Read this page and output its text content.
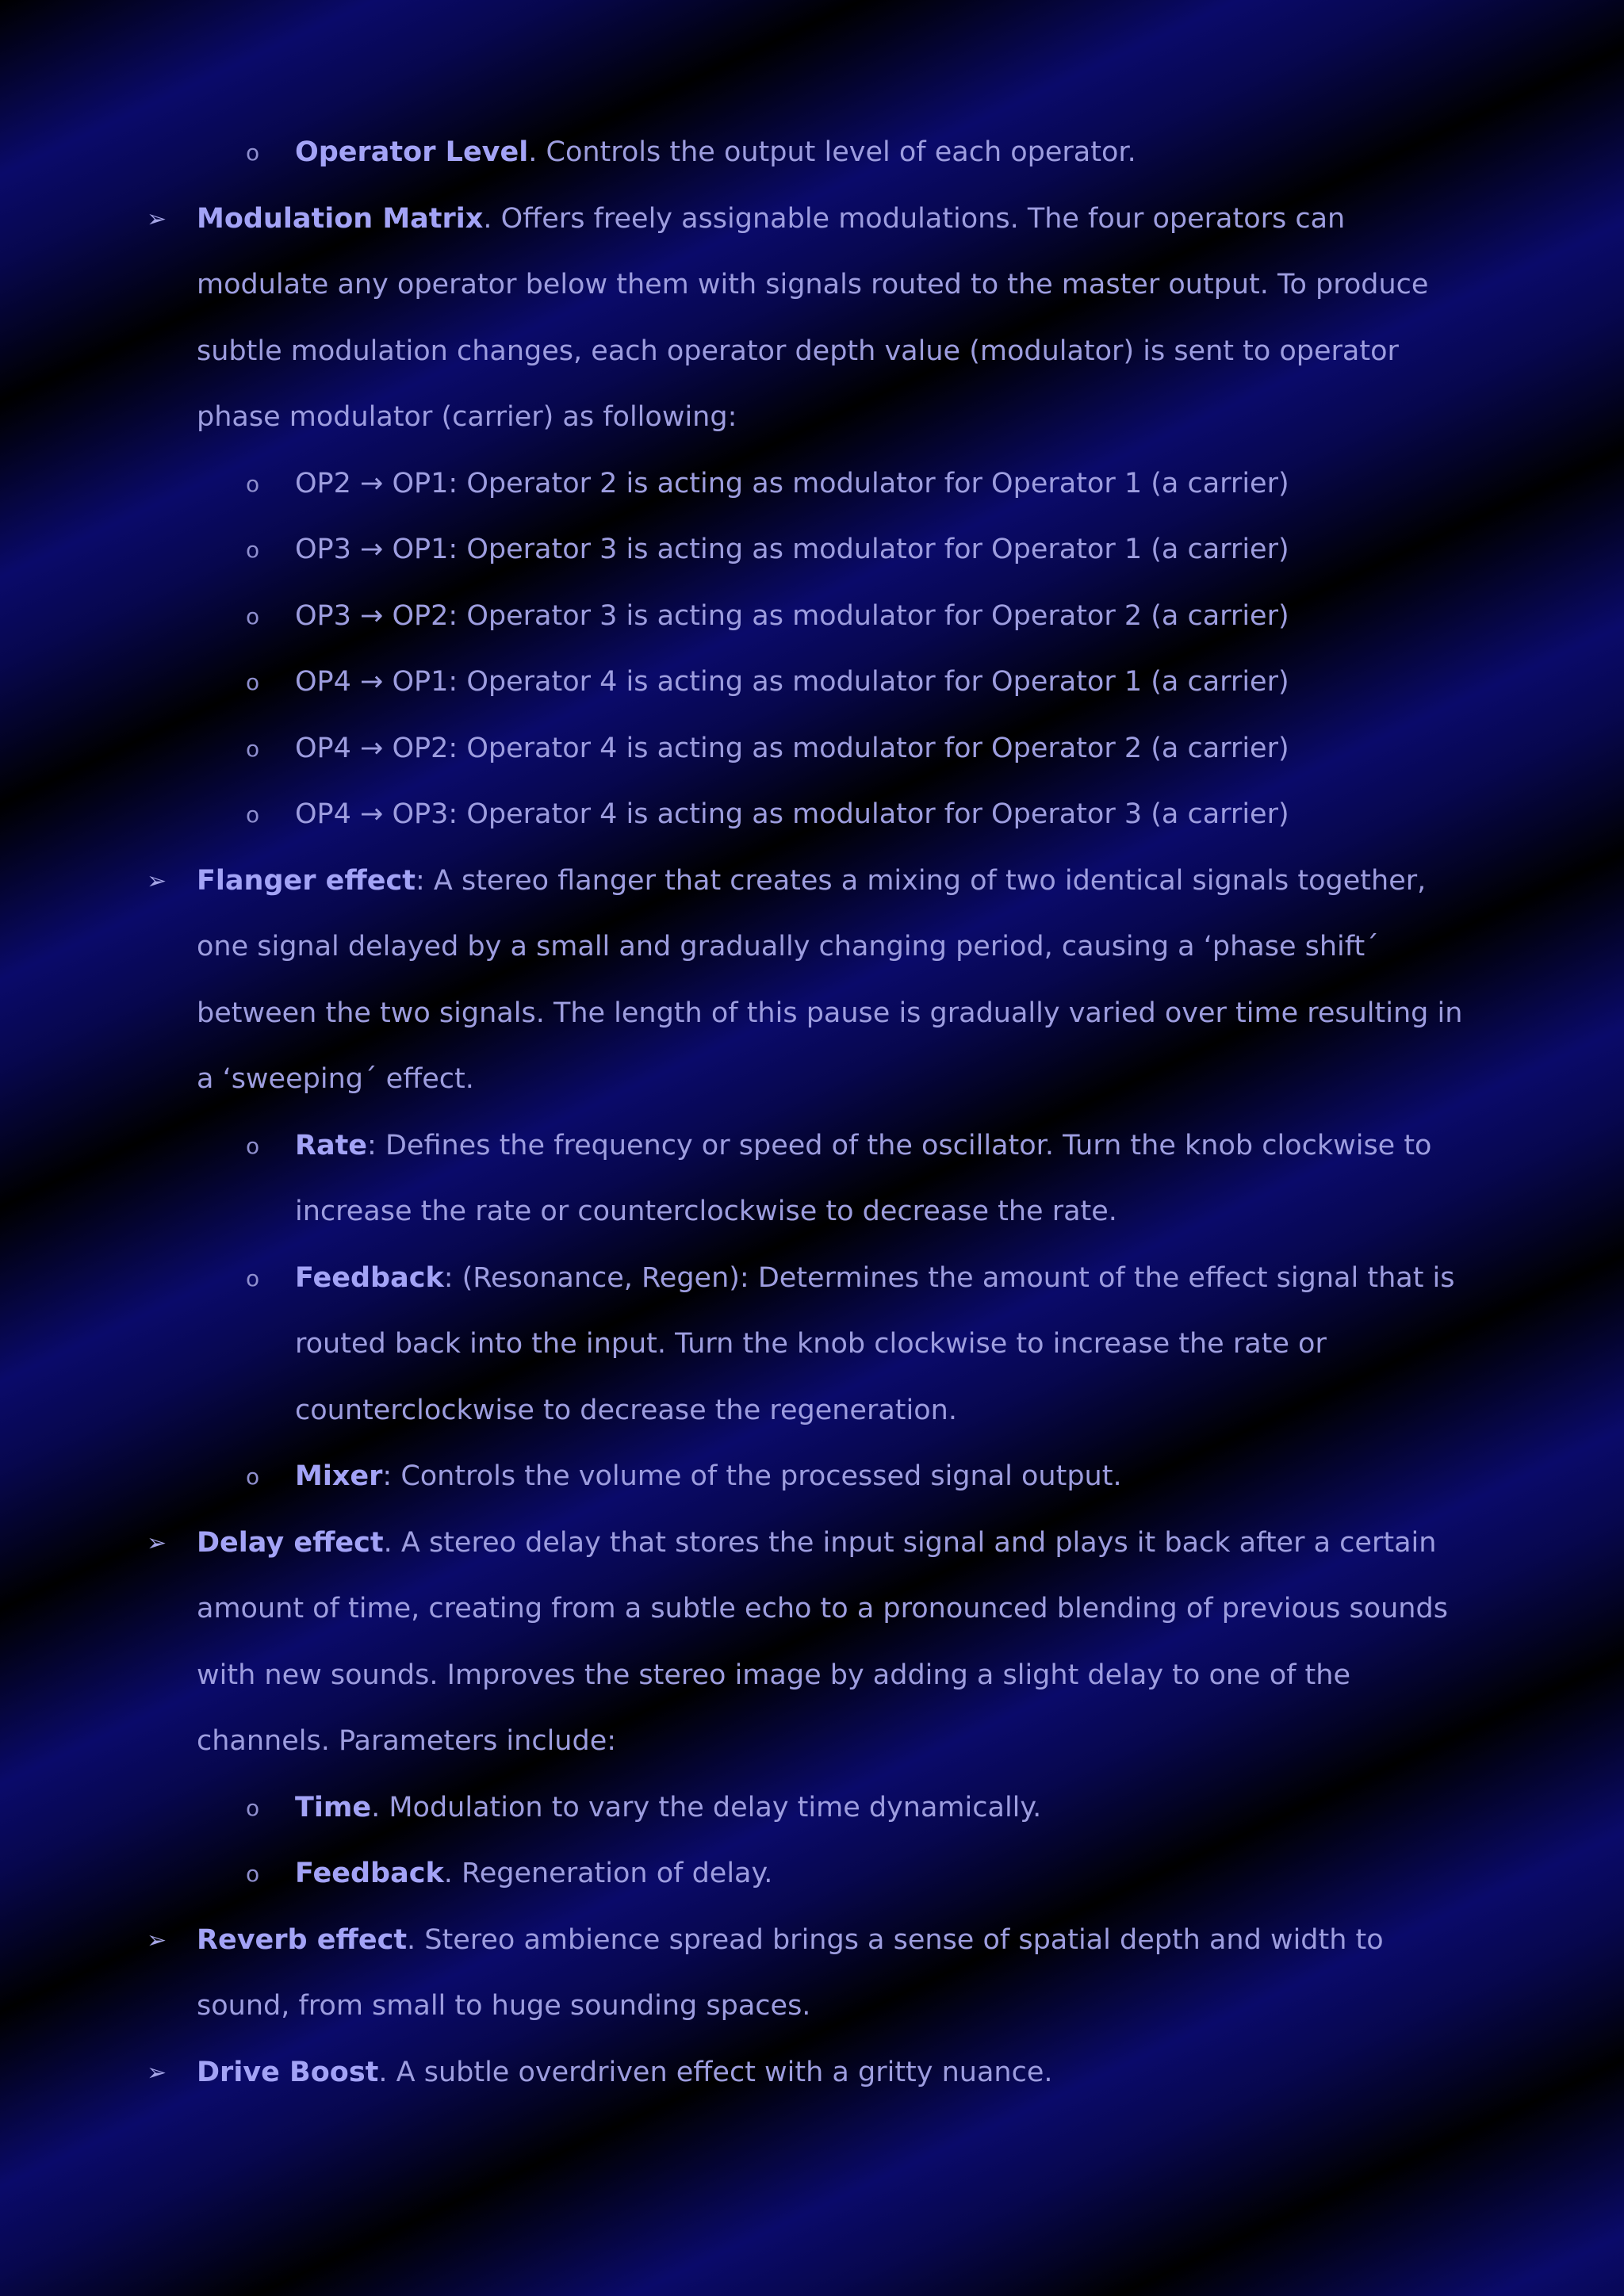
o Operator Level. Controls the output level of each operator.
➢ Modulation Matrix. Offers freely assignable modulations. The four operators can modulate any operator below them with signals routed to the master output. To produce subtle modulation changes, each operator depth value (modulator) is sent to operator phase modulator (carrier) as following:
o OP2 → OP1: Operator 2 is acting as modulator for Operator 1 (a carrier)
o OP3 → OP1: Operator 3 is acting as modulator for Operator 1 (a carrier)
o OP3 → OP2: Operator 3 is acting as modulator for Operator 2 (a carrier)
o OP4 → OP1: Operator 4 is acting as modulator for Operator 1 (a carrier)
o OP4 → OP2: Operator 4 is acting as modulator for Operator 2 (a carrier)
o OP4 → OP3: Operator 4 is acting as modulator for Operator 3 (a carrier)
➢ Flanger effect: A stereo flanger that creates a mixing of two identical signals together, one signal delayed by a small and gradually changing period, causing a ‘phase shift´ between the two signals. The length of this pause is gradually varied over time resulting in a ‘sweeping´ effect.
o Rate: Defines the frequency or speed of the oscillator. Turn the knob clockwise to increase the rate or counterclockwise to decrease the rate.
o Feedback: (Resonance, Regen): Determines the amount of the effect signal that is routed back into the input. Turn the knob clockwise to increase the rate or counterclockwise to decrease the regeneration.
o Mixer: Controls the volume of the processed signal output.
➢ Delay effect. A stereo delay that stores the input signal and plays it back after a certain amount of time, creating from a subtle echo to a pronounced blending of previous sounds with new sounds. Improves the stereo image by adding a slight delay to one of the channels. Parameters include:
o Time. Modulation to vary the delay time dynamically.
o Feedback. Regeneration of delay.
➢ Reverb effect. Stereo ambience spread brings a sense of spatial depth and width to sound, from small to huge sounding spaces.
➢ Drive Boost. A subtle overdriven effect with a gritty nuance.
